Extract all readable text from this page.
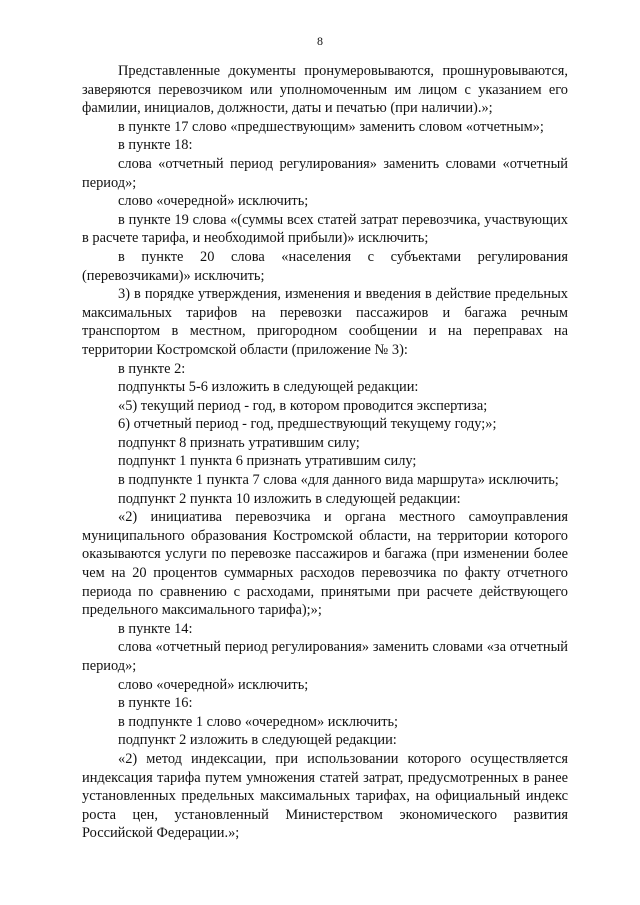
8

Представленные документы пронумеровываются, прошнуровываются, заверяются перевозчиком или уполномоченным им лицом с указанием его фамилии, инициалов, должности, даты и печатью (при наличии).»;

в пункте 17 слово «предшествующим» заменить словом «отчетным»;

в пункте 18:

слова «отчетный период регулирования» заменить словами «отчетный период»;

слово «очередной» исключить;

в пункте 19 слова «(суммы всех статей затрат перевозчика, участвующих в расчете тарифа, и необходимой прибыли)» исключить;

в пункте 20 слова «населения с субъектами регулирования (перевозчиками)» исключить;

3) в порядке утверждения, изменения и введения в действие предельных максимальных тарифов на перевозки пассажиров и багажа речным транспортом в местном, пригородном сообщении и на переправах на территории Костромской области (приложение № 3):

в пункте 2:

подпункты 5-6 изложить в следующей редакции:

«5) текущий период - год, в котором проводится экспертиза;

6) отчетный период - год, предшествующий текущему году;»;

подпункт 8 признать утратившим силу;

подпункт 1 пункта 6 признать утратившим силу;

в подпункте 1 пункта 7 слова «для данного вида маршрута» исключить;

подпункт 2 пункта 10 изложить в следующей редакции:

«2) инициатива перевозчика и органа местного самоуправления муниципального образования Костромской области, на территории которого оказываются услуги по перевозке пассажиров и багажа (при изменении более чем на 20 процентов суммарных расходов перевозчика по факту отчетного периода по сравнению с расходами, принятыми при расчете действующего предельного максимального тарифа);»;

в пункте 14:

слова «отчетный период регулирования» заменить словами «за отчетный период»;

слово «очередной» исключить;

в пункте 16:

в подпункте 1 слово «очередном» исключить;

подпункт 2 изложить в следующей редакции:

«2) метод индексации, при использовании которого осуществляется индексация тарифа путем умножения статей затрат, предусмотренных в ранее установленных предельных максимальных тарифах, на официальный индекс роста цен, установленный Министерством экономического развития Российской Федерации.»;
